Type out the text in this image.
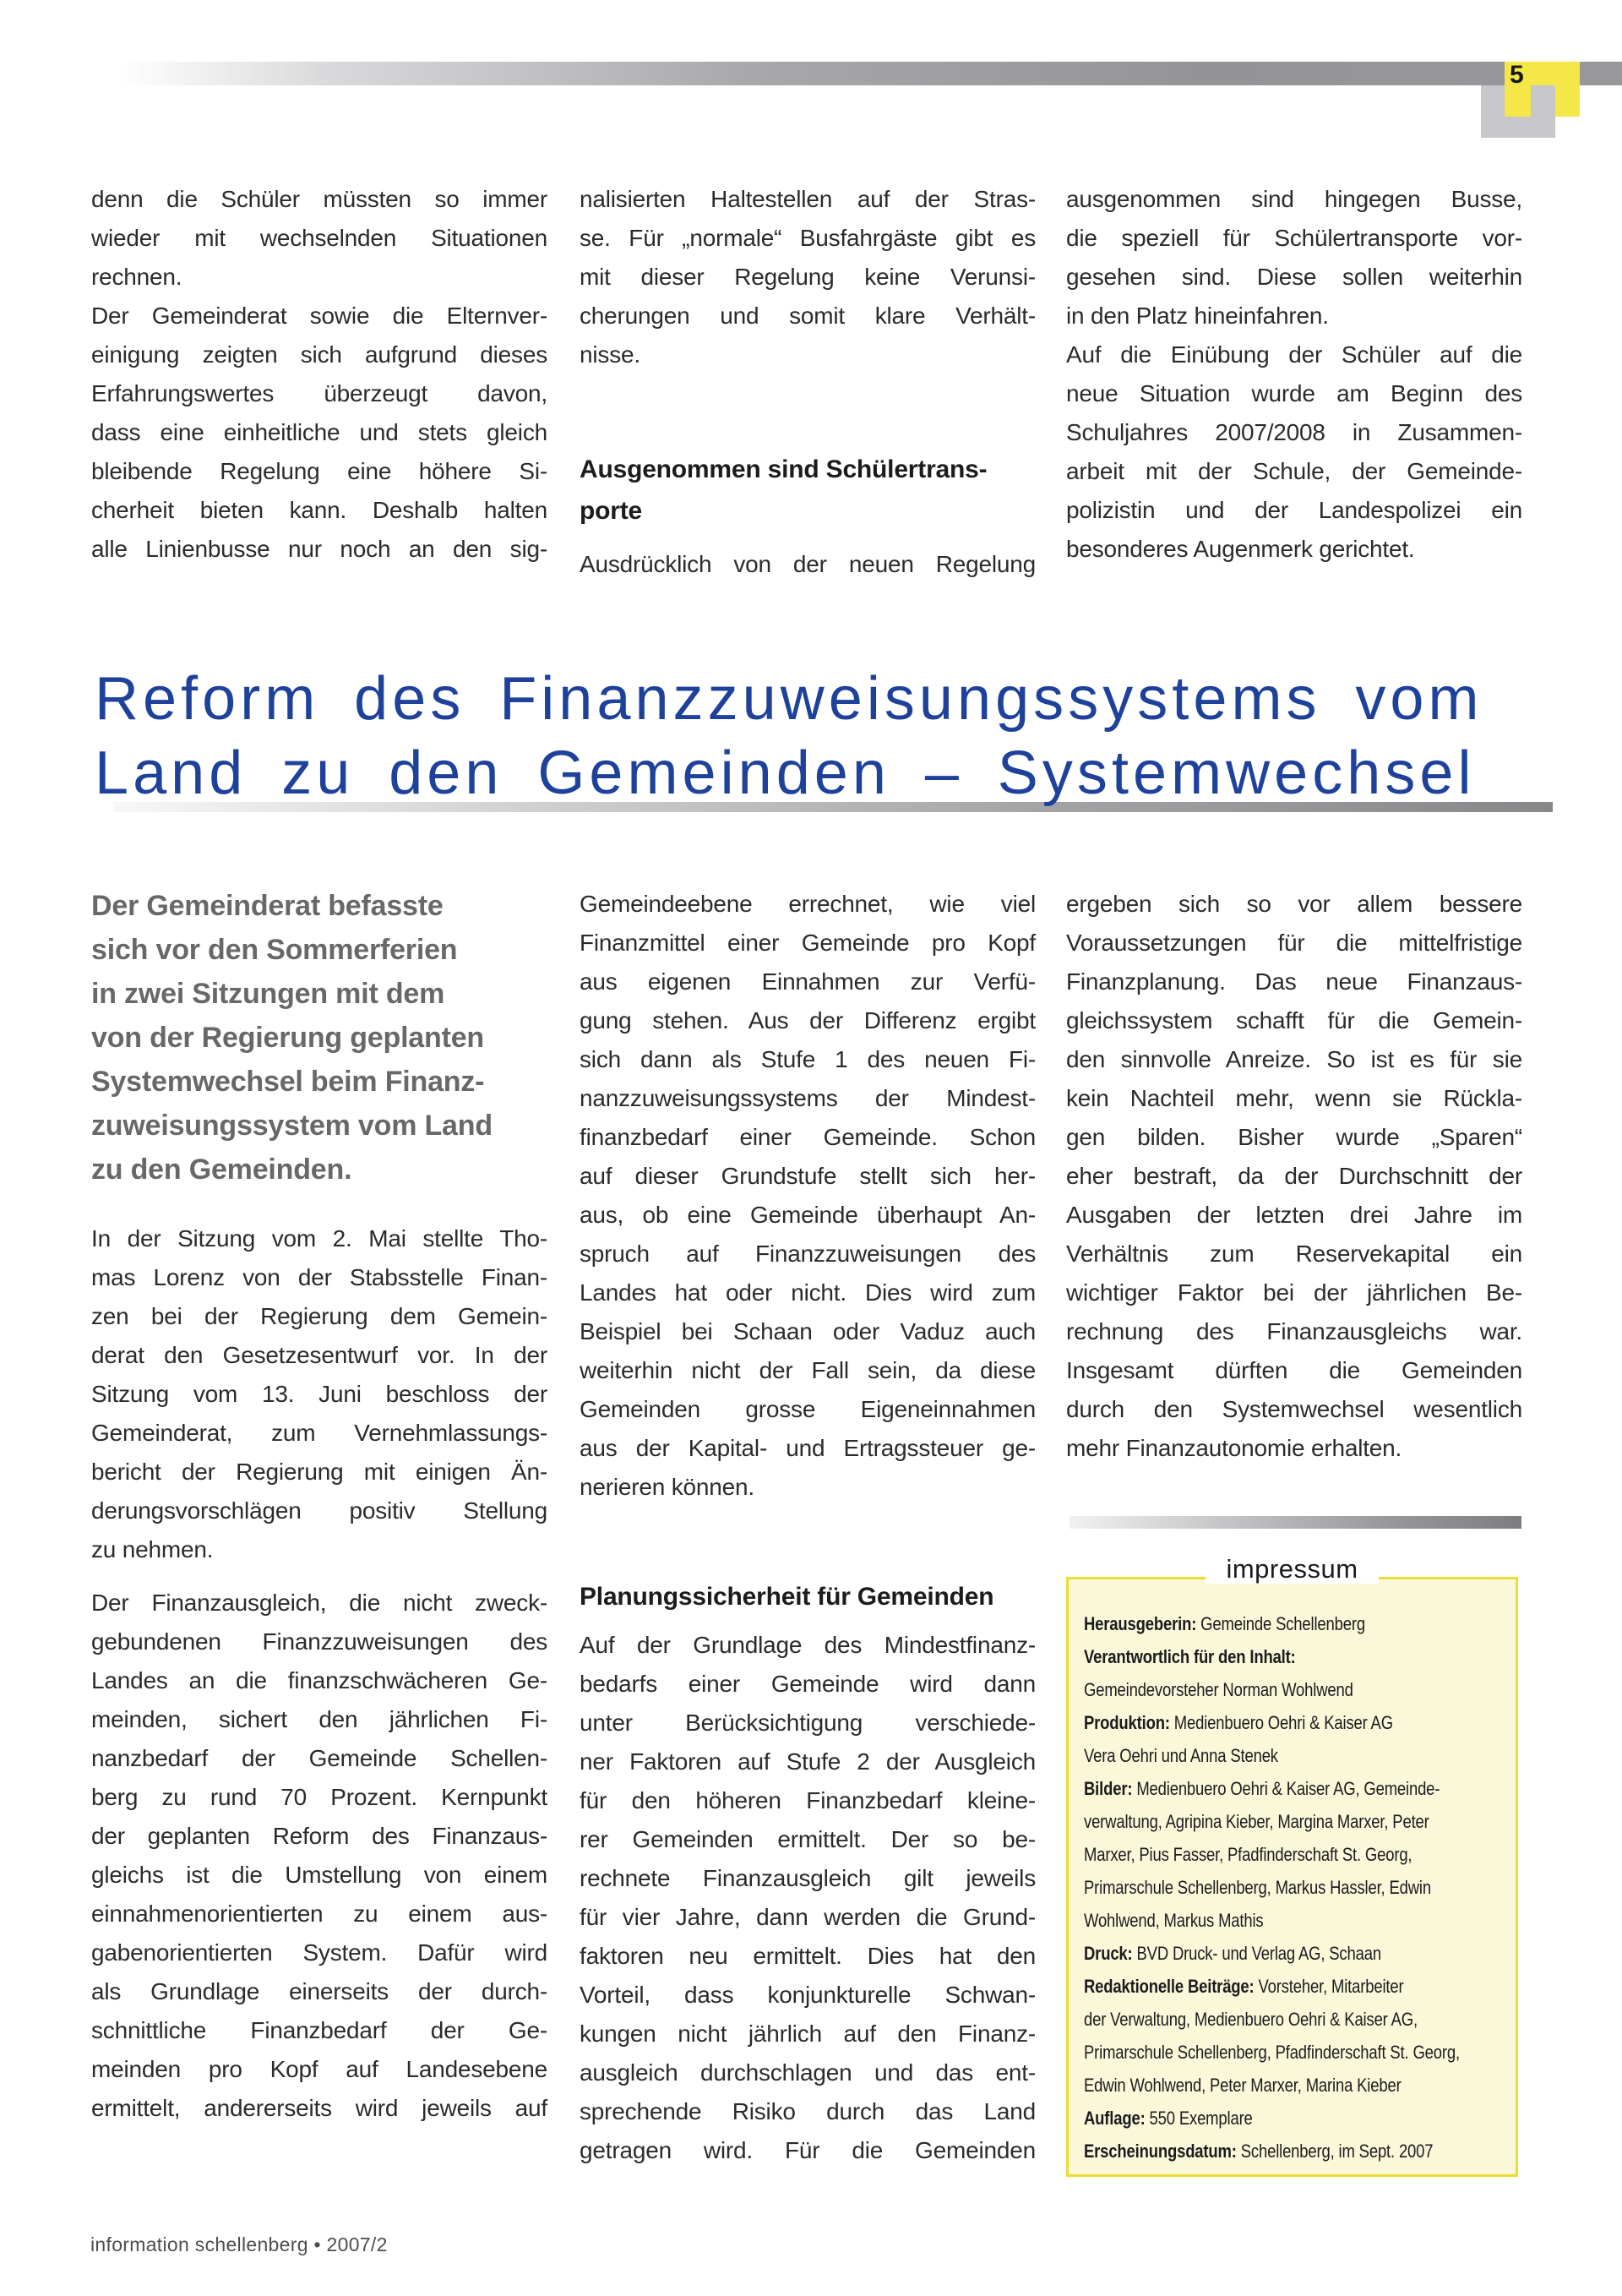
5
denn die Schüler müssten so immer
wieder mit wechselnden Situationen
rechnen.
Der Gemeinderat sowie die Elternver-
einigung zeigten sich aufgrund dieses
Erfahrungswertes überzeugt davon,
dass eine einheitliche und stets gleich
bleibende Regelung eine höhere Si-
cherheit bieten kann. Deshalb halten
alle Linienbusse nur noch an den sig-
nalisierten Haltestellen auf der Stras-
se. Für „normale“ Busfahrgäste gibt es
mit dieser Regelung keine Verunsi-
cherungen und somit klare Verhält-
nisse.
Ausgenommen sind Schülertrans-
porte
Ausdrücklich von der neuen Regelung
ausgenommen sind hingegen Busse,
die speziell für Schülertransporte vor-
gesehen sind. Diese sollen weiterhin
in den Platz hineinfahren.
Auf die Einübung der Schüler auf die
neue Situation wurde am Beginn des
Schuljahres 2007/2008 in Zusammen-
arbeit mit der Schule, der Gemeinde-
polizistin und der Landespolizei ein
besonderes Augenmerk gerichtet.
Reform des Finanzzuweisungssystems vom
Land zu den Gemeinden – Systemwechsel
Der Gemeinderat befasste
sich vor den Sommerferien
in zwei Sitzungen mit dem
von der Regierung geplanten
Systemwechsel beim Finanz-
zuweisungssystem vom Land
zu den Gemeinden.
In der Sitzung vom 2. Mai stellte Tho-
mas Lorenz von der Stabsstelle Finan-
zen bei der Regierung dem Gemein-
derat den Gesetzesentwurf vor. In der
Sitzung vom 13. Juni beschloss der
Gemeinderat, zum Vernehmlassungs-
bericht der Regierung mit einigen Än-
derungsvorschlägen positiv Stellung
zu nehmen.
Der Finanzausgleich, die nicht zweck-
gebundenen Finanzzuweisungen des
Landes an die finanzschwächeren Ge-
meinden, sichert den jährlichen Fi-
nanzbedarf der Gemeinde Schellen-
berg zu rund 70 Prozent. Kernpunkt
der geplanten Reform des Finanzaus-
gleichs ist die Umstellung von einem
einnahmenorientierten zu einem aus-
gabenorientierten System. Dafür wird
als Grundlage einerseits der durch-
schnittliche Finanzbedarf der Ge-
meinden pro Kopf auf Landesebene
ermittelt, andererseits wird jeweils auf
Gemeindeebene errechnet, wie viel
Finanzmittel einer Gemeinde pro Kopf
aus eigenen Einnahmen zur Verfü-
gung stehen. Aus der Differenz ergibt
sich dann als Stufe 1 des neuen Fi-
nanzzuweisungssystems der Mindest-
finanzbedarf einer Gemeinde. Schon
auf dieser Grundstufe stellt sich her-
aus, ob eine Gemeinde überhaupt An-
spruch auf Finanzzuweisungen des
Landes hat oder nicht. Dies wird zum
Beispiel bei Schaan oder Vaduz auch
weiterhin nicht der Fall sein, da diese
Gemeinden grosse Eigeneinnahmen
aus der Kapital- und Ertragssteuer ge-
nerieren können.
Planungssicherheit für Gemeinden
Auf der Grundlage des Mindestfinanz-
bedarfs einer Gemeinde wird dann
unter Berücksichtigung verschiede-
ner Faktoren auf Stufe 2 der Ausgleich
für den höheren Finanzbedarf kleine-
rer Gemeinden ermittelt. Der so be-
rechnete Finanzausgleich gilt jeweils
für vier Jahre, dann werden die Grund-
faktoren neu ermittelt. Dies hat den
Vorteil, dass konjunkturelle Schwan-
kungen nicht jährlich auf den Finanz-
ausgleich durchschlagen und das ent-
sprechende Risiko durch das Land
getragen wird. Für die Gemeinden
ergeben sich so vor allem bessere
Voraussetzungen für die mittelfristige
Finanzplanung. Das neue Finanzaus-
gleichssystem schafft für die Gemein-
den sinnvolle Anreize. So ist es für sie
kein Nachteil mehr, wenn sie Rückla-
gen bilden. Bisher wurde „Sparen“
eher bestraft, da der Durchschnitt der
Ausgaben der letzten drei Jahre im
Verhältnis zum Reservekapital ein
wichtiger Faktor bei der jährlichen Be-
rechnung des Finanzausgleichs war.
Insgesamt dürften die Gemeinden
durch den Systemwechsel wesentlich
mehr Finanzautonomie erhalten.
impressum
Herausgeberin: Gemeinde Schellenberg
Verantwortlich für den Inhalt:
Gemeindevorsteher Norman Wohlwend
Produktion: Medienbuero Oehri & Kaiser AG
Vera Oehri und Anna Stenek
Bilder: Medienbuero Oehri & Kaiser AG, Gemeinde-
verwaltung, Agripina Kieber, Margina Marxer, Peter
Marxer, Pius Fasser, Pfadfinderschaft St. Georg,
Primarschule Schellenberg, Markus Hassler, Edwin
Wohlwend, Markus Mathis
Druck: BVD Druck- und Verlag AG, Schaan
Redaktionelle Beiträge: Vorsteher, Mitarbeiter
der Verwaltung, Medienbuero Oehri & Kaiser AG,
Primarschule Schellenberg, Pfadfinderschaft St. Georg,
Edwin Wohlwend, Peter Marxer, Marina Kieber
Auflage: 550 Exemplare
Erscheinungsdatum: Schellenberg, im Sept. 2007
information schellenberg • 2007/2
